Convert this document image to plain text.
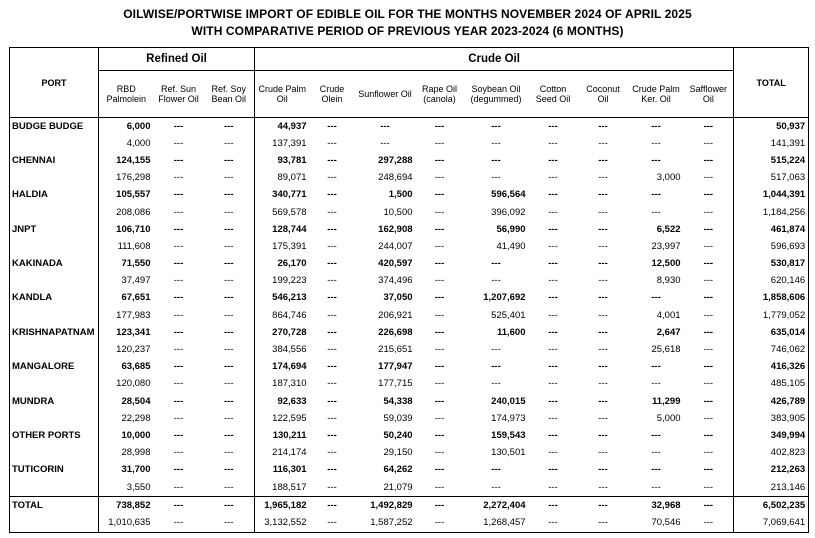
OILWISE/PORTWISE IMPORT OF EDIBLE OIL FOR THE MONTHS NOVEMBER 2024 OF APRIL 2025
WITH COMPARATIVE PERIOD OF PREVIOUS YEAR 2023-2024 (6 MONTHS)
PORT	Refined Oil			Crude Oil									TOTAL
	RBD Palmolein	Ref. Sun Flower Oil	Ref. Soy Bean Oil	Crude Palm Oil	Crude Olein	Sunflower Oil	Rape Oil (canola)	Soybean Oil (degummed)	Cotton Seed Oil	Coconut Oil	Crude Palm Ker. Oil	Safflower Oil	
BUDGE BUDGE	6,000	---	---	44,937	---	---	---	---	---	---	---	---	50,937
	4,000	---	---	137,391	---	---	---	---	---	---	---	---	141,391
CHENNAI	124,155	---	---	93,781	---	297,288	---	---	---	---	---	---	515,224
	176,298	---	---	89,071	---	248,694	---	---	---	---	3,000	---	517,063
HALDIA	105,557	---	---	340,771	---	1,500	---	596,564	---	---	---	---	1,044,391
	208,086	---	---	569,578	---	10,500	---	396,092	---	---	---	---	1,184,256
JNPT	106,710	---	---	128,744	---	162,908	---	56,990	---	---	6,522	---	461,874
	111,608	---	---	175,391	---	244,007	---	41,490	---	---	23,997	---	596,693
KAKINADA	71,550	---	---	26,170	---	420,597	---	---	---	---	12,500	---	530,817
	37,497	---	---	199,223	---	374,496	---	---	---	---	8,930	---	620,146
KANDLA	67,651	---	---	546,213	---	37,050	---	1,207,692	---	---	---	---	1,858,606
	177,983	---	---	864,746	---	206,921	---	525,401	---	---	4,001	---	1,779,052
KRISHNAPATNAM	123,341	---	---	270,728	---	226,698	---	11,600	---	---	2,647	---	635,014
	120,237	---	---	384,556	---	215,651	---	---	---	---	25,618	---	746,062
MANGALORE	63,685	---	---	174,694	---	177,947	---	---	---	---	---	---	416,326
	120,080	---	---	187,310	---	177,715	---	---	---	---	---	---	485,105
MUNDRA	28,504	---	---	92,633	---	54,338	---	240,015	---	---	11,299	---	426,789
	22,298	---	---	122,595	---	59,039	---	174,973	---	---	5,000	---	383,905
OTHER PORTS	10,000	---	---	130,211	---	50,240	---	159,543	---	---	---	---	349,994
	28,998	---	---	214,174	---	29,150	---	130,501	---	---	---	---	402,823
TUTICORIN	31,700	---	---	116,301	---	64,262	---	---	---	---	---	---	212,263
	3,550	---	---	188,517	---	21,079	---	---	---	---	---	---	213,146
TOTAL	738,852	---	---	1,965,182	---	1,492,829	---	2,272,404	---	---	32,968	---	6,502,235
	1,010,635	---	---	3,132,552	---	1,587,252	---	1,268,457	---	---	70,546	---	7,069,641
